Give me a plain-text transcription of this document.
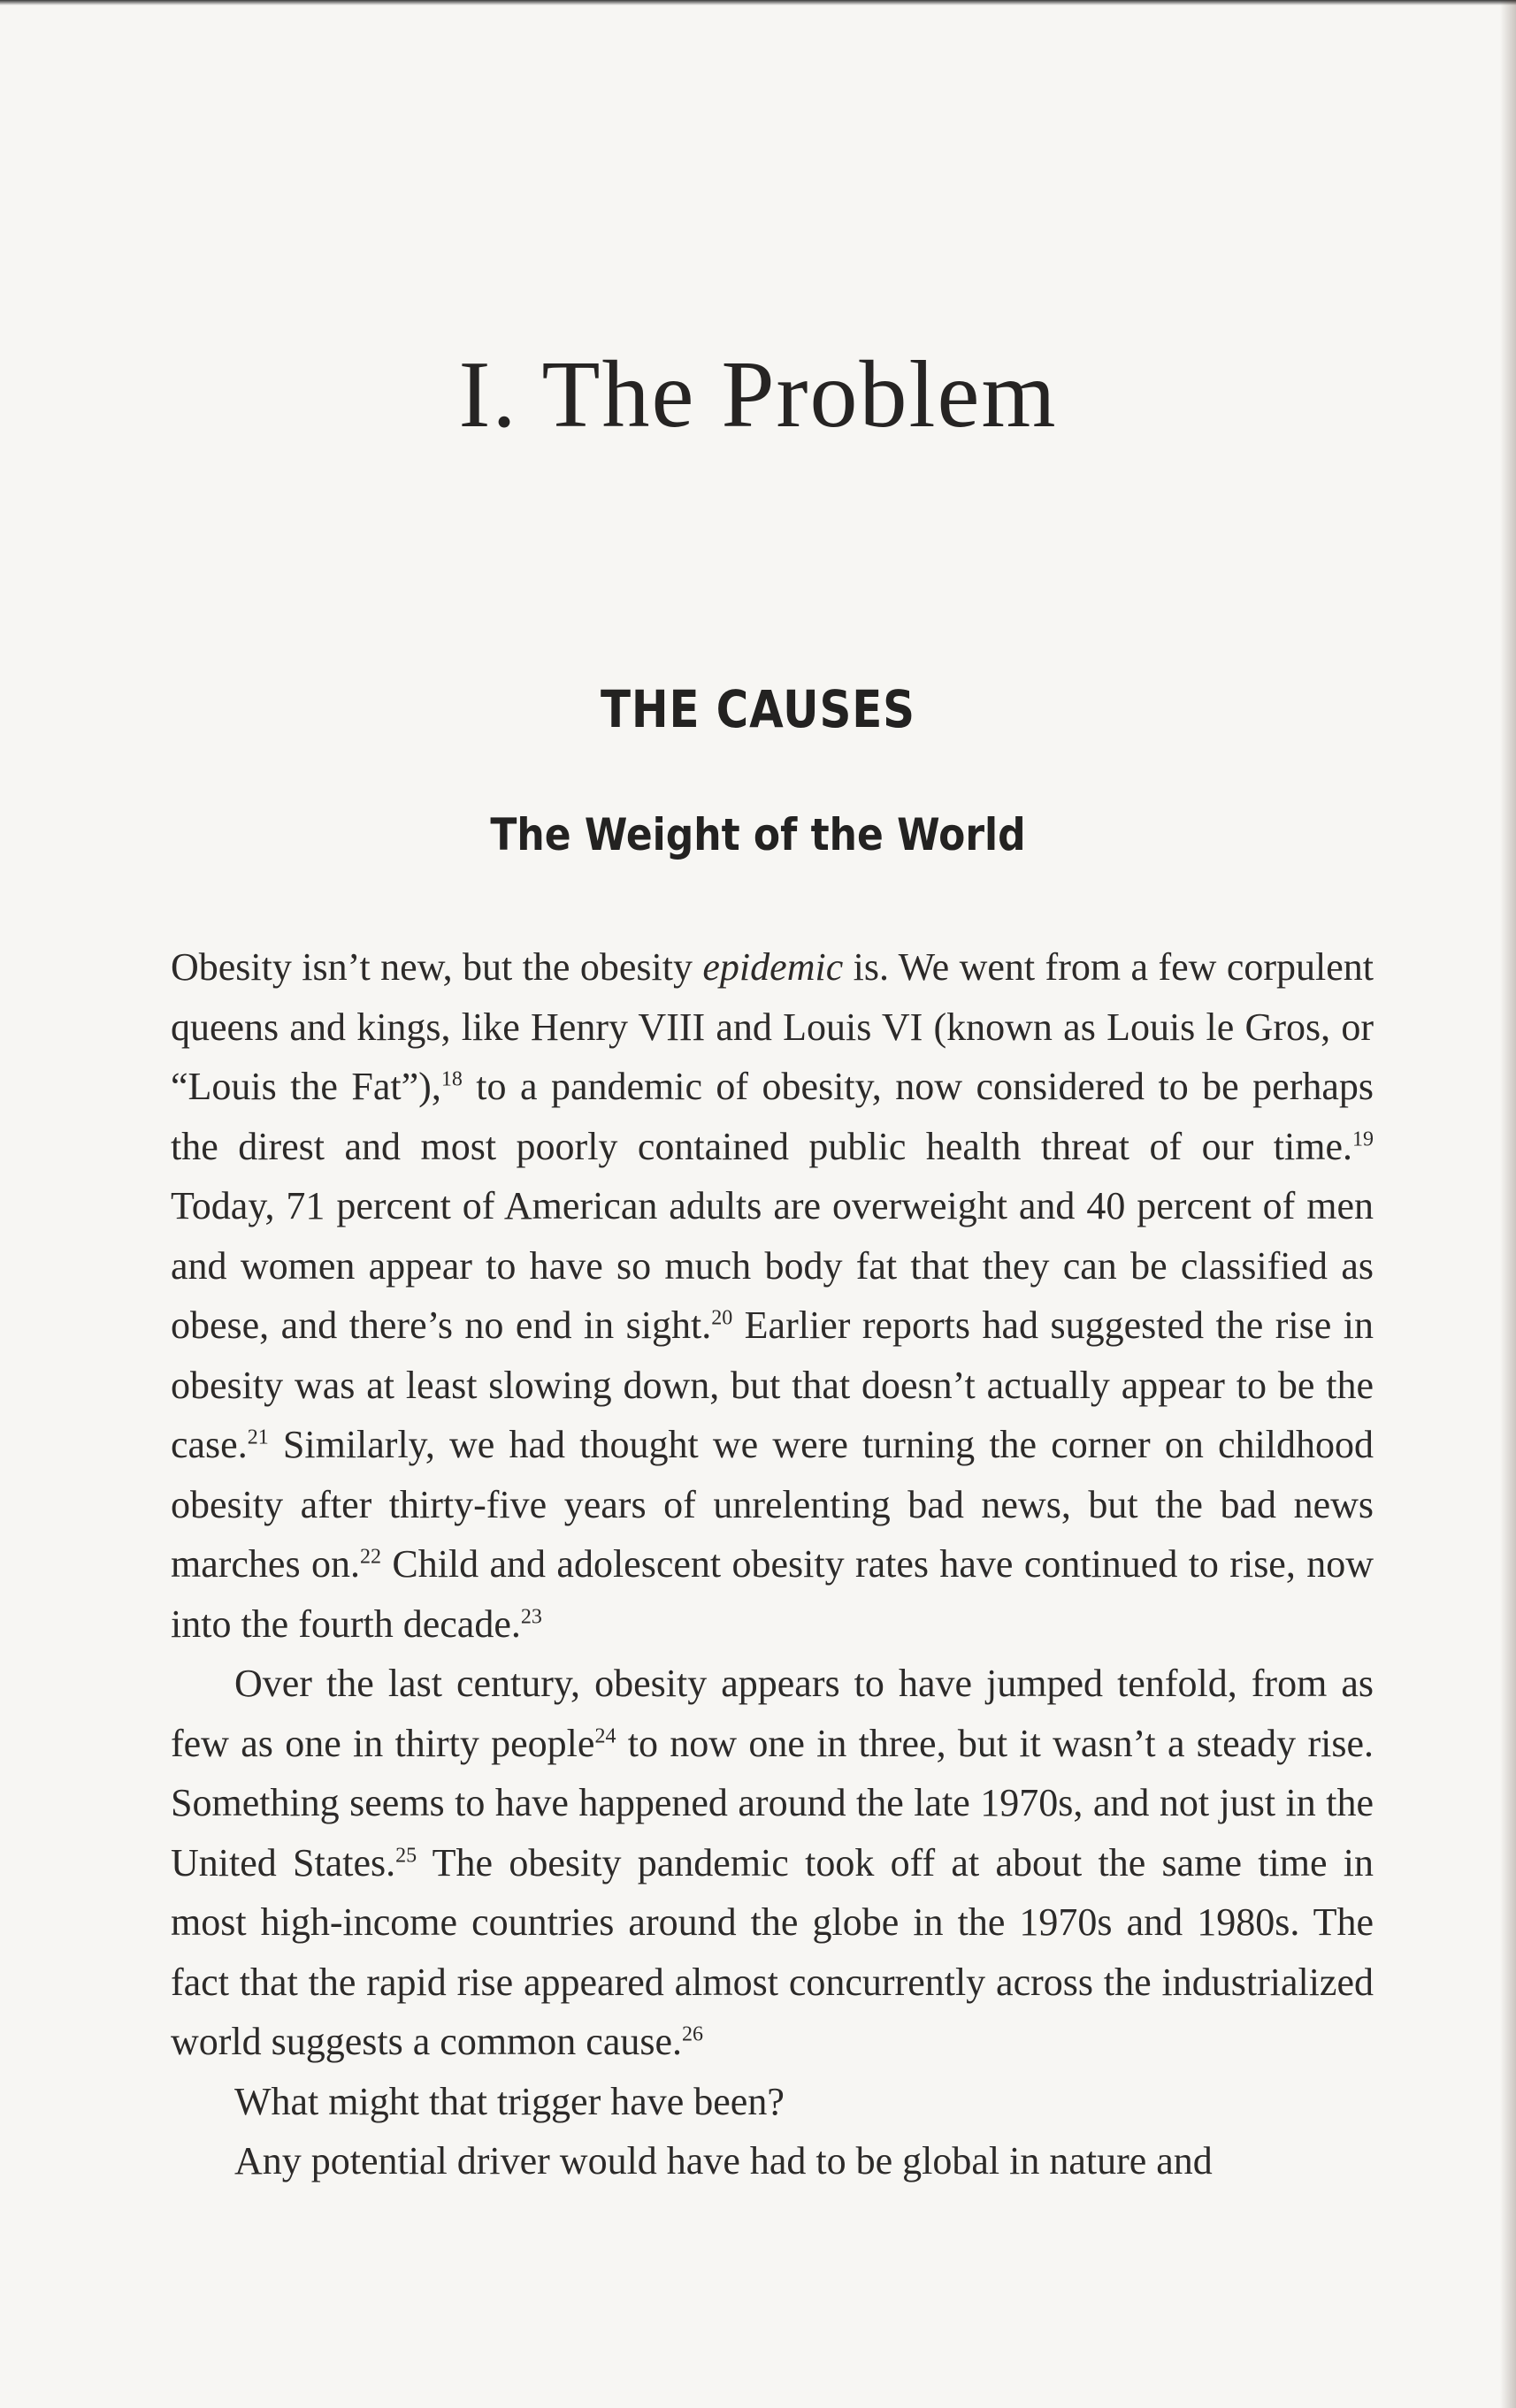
I. The Problem
THE CAUSES
The Weight of the World

Obesity isn’t new, but the obesity epidemic is. We went from a few corpulent queens and kings, like Henry VIII and Louis VI (known as Louis le Gros, or “Louis the Fat”),$^{18}$ to a pandemic of obesity, now considered to be perhaps the direst and most poorly contained public health threat of our time.$^{19}$ Today, 71 percent of American adults are overweight and 40 percent of men and women appear to have so much body fat that they can be classified as obese, and there’s no end in sight.$^{20}$ Earlier reports had suggested the rise in obesity was at least slowing down, but that doesn’t actually appear to be the case.$^{21}$ Similarly, we had thought we were turning the corner on childhood obesity after thirty-five years of unrelenting bad news, but the bad news marches on.$^{22}$ Child and adolescent obesity rates have continued to rise, now into the fourth decade.$^{23}$

Over the last century, obesity appears to have jumped tenfold, from as few as one in thirty people$^{24}$ to now one in three, but it wasn’t a steady rise. Something seems to have happened around the late 1970s, and not just in the United States.$^{25}$ The obesity pandemic took off at about the same time in most high-income countries around the globe in the 1970s and 1980s. The fact that the rapid rise appeared almost concurrently across the industrialized world suggests a common cause.$^{26}$

What might that trigger have been?

Any potential driver would have had to be global in nature and
